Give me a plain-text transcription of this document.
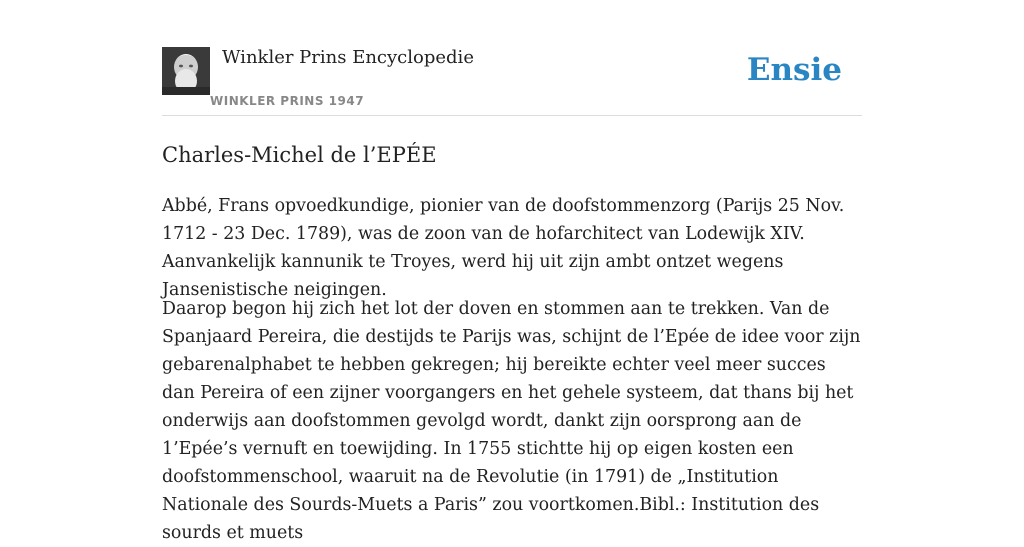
Winkler Prins Encyclopedie
WINKLER PRINS 1947
Ensie
Charles-Michel de l’EPÉE

Abbé, Frans opvoedkundige, pionier van de doofstommenzorg (Parijs 25 Nov. 1712 - 23 Dec. 1789), was de zoon van de hofarchitect van Lodewijk XIV. Aanvankelijk kannunik te Troyes, werd hij uit zijn ambt ontzet wegens Jansenistische neigingen.

Daarop begon hij zich het lot der doven en stommen aan te trekken. Van de Spanjaard Pereira, die destijds te Parijs was, schijnt de l’Epée de idee voor zijn gebarenalphabet te hebben gekregen; hij bereikte echter veel meer succes dan Pereira of een zijner voorgangers en het gehele systeem, dat thans bij het onderwijs aan doofstommen gevolgd wordt, dankt zijn oorsprong aan de 1’Epée’s vernuft en toewijding. In 1755 stichtte hij op eigen kosten een doofstommenschool, waaruit na de Revolutie (in 1791) de „Institution Nationale des Sourds-Muets a Paris” zou voortkomen.Bibl.: Institution des sourds et muets
